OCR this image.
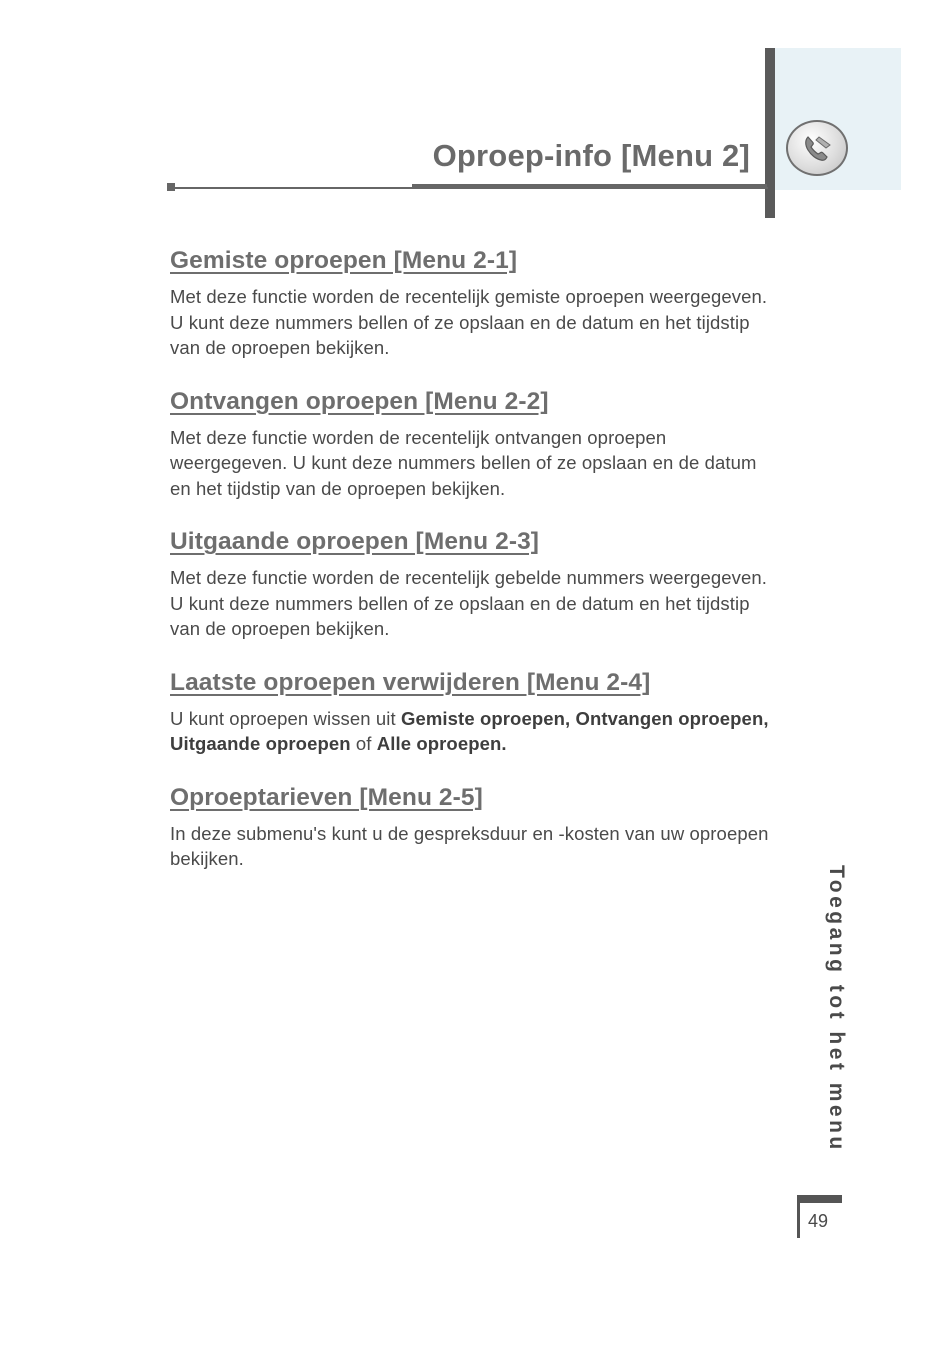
Oproep-info [Menu 2]
Gemiste oproepen [Menu 2-1]

Met deze functie worden de recentelijk gemiste oproepen weergegeven. U kunt deze nummers bellen of ze opslaan en de datum en het tijdstip van de oproepen bekijken.

Ontvangen oproepen [Menu 2-2]

Met deze functie worden de recentelijk ontvangen oproepen weergegeven. U kunt deze nummers bellen of ze opslaan en de datum en het tijdstip van de oproepen bekijken.

Uitgaande oproepen [Menu 2-3]

Met deze functie worden de recentelijk gebelde nummers weergegeven. U kunt deze nummers bellen of ze opslaan en de datum en het tijdstip van de oproepen bekijken.

Laatste oproepen verwijderen [Menu 2-4]

U kunt oproepen wissen uit Gemiste oproepen, Ontvangen oproepen, Uitgaande oproepen of Alle oproepen.

Oproeptarieven [Menu 2-5]

In deze submenu's kunt u de gespreksduur en -kosten van uw oproepen bekijken.

Toegang tot het menu
49
